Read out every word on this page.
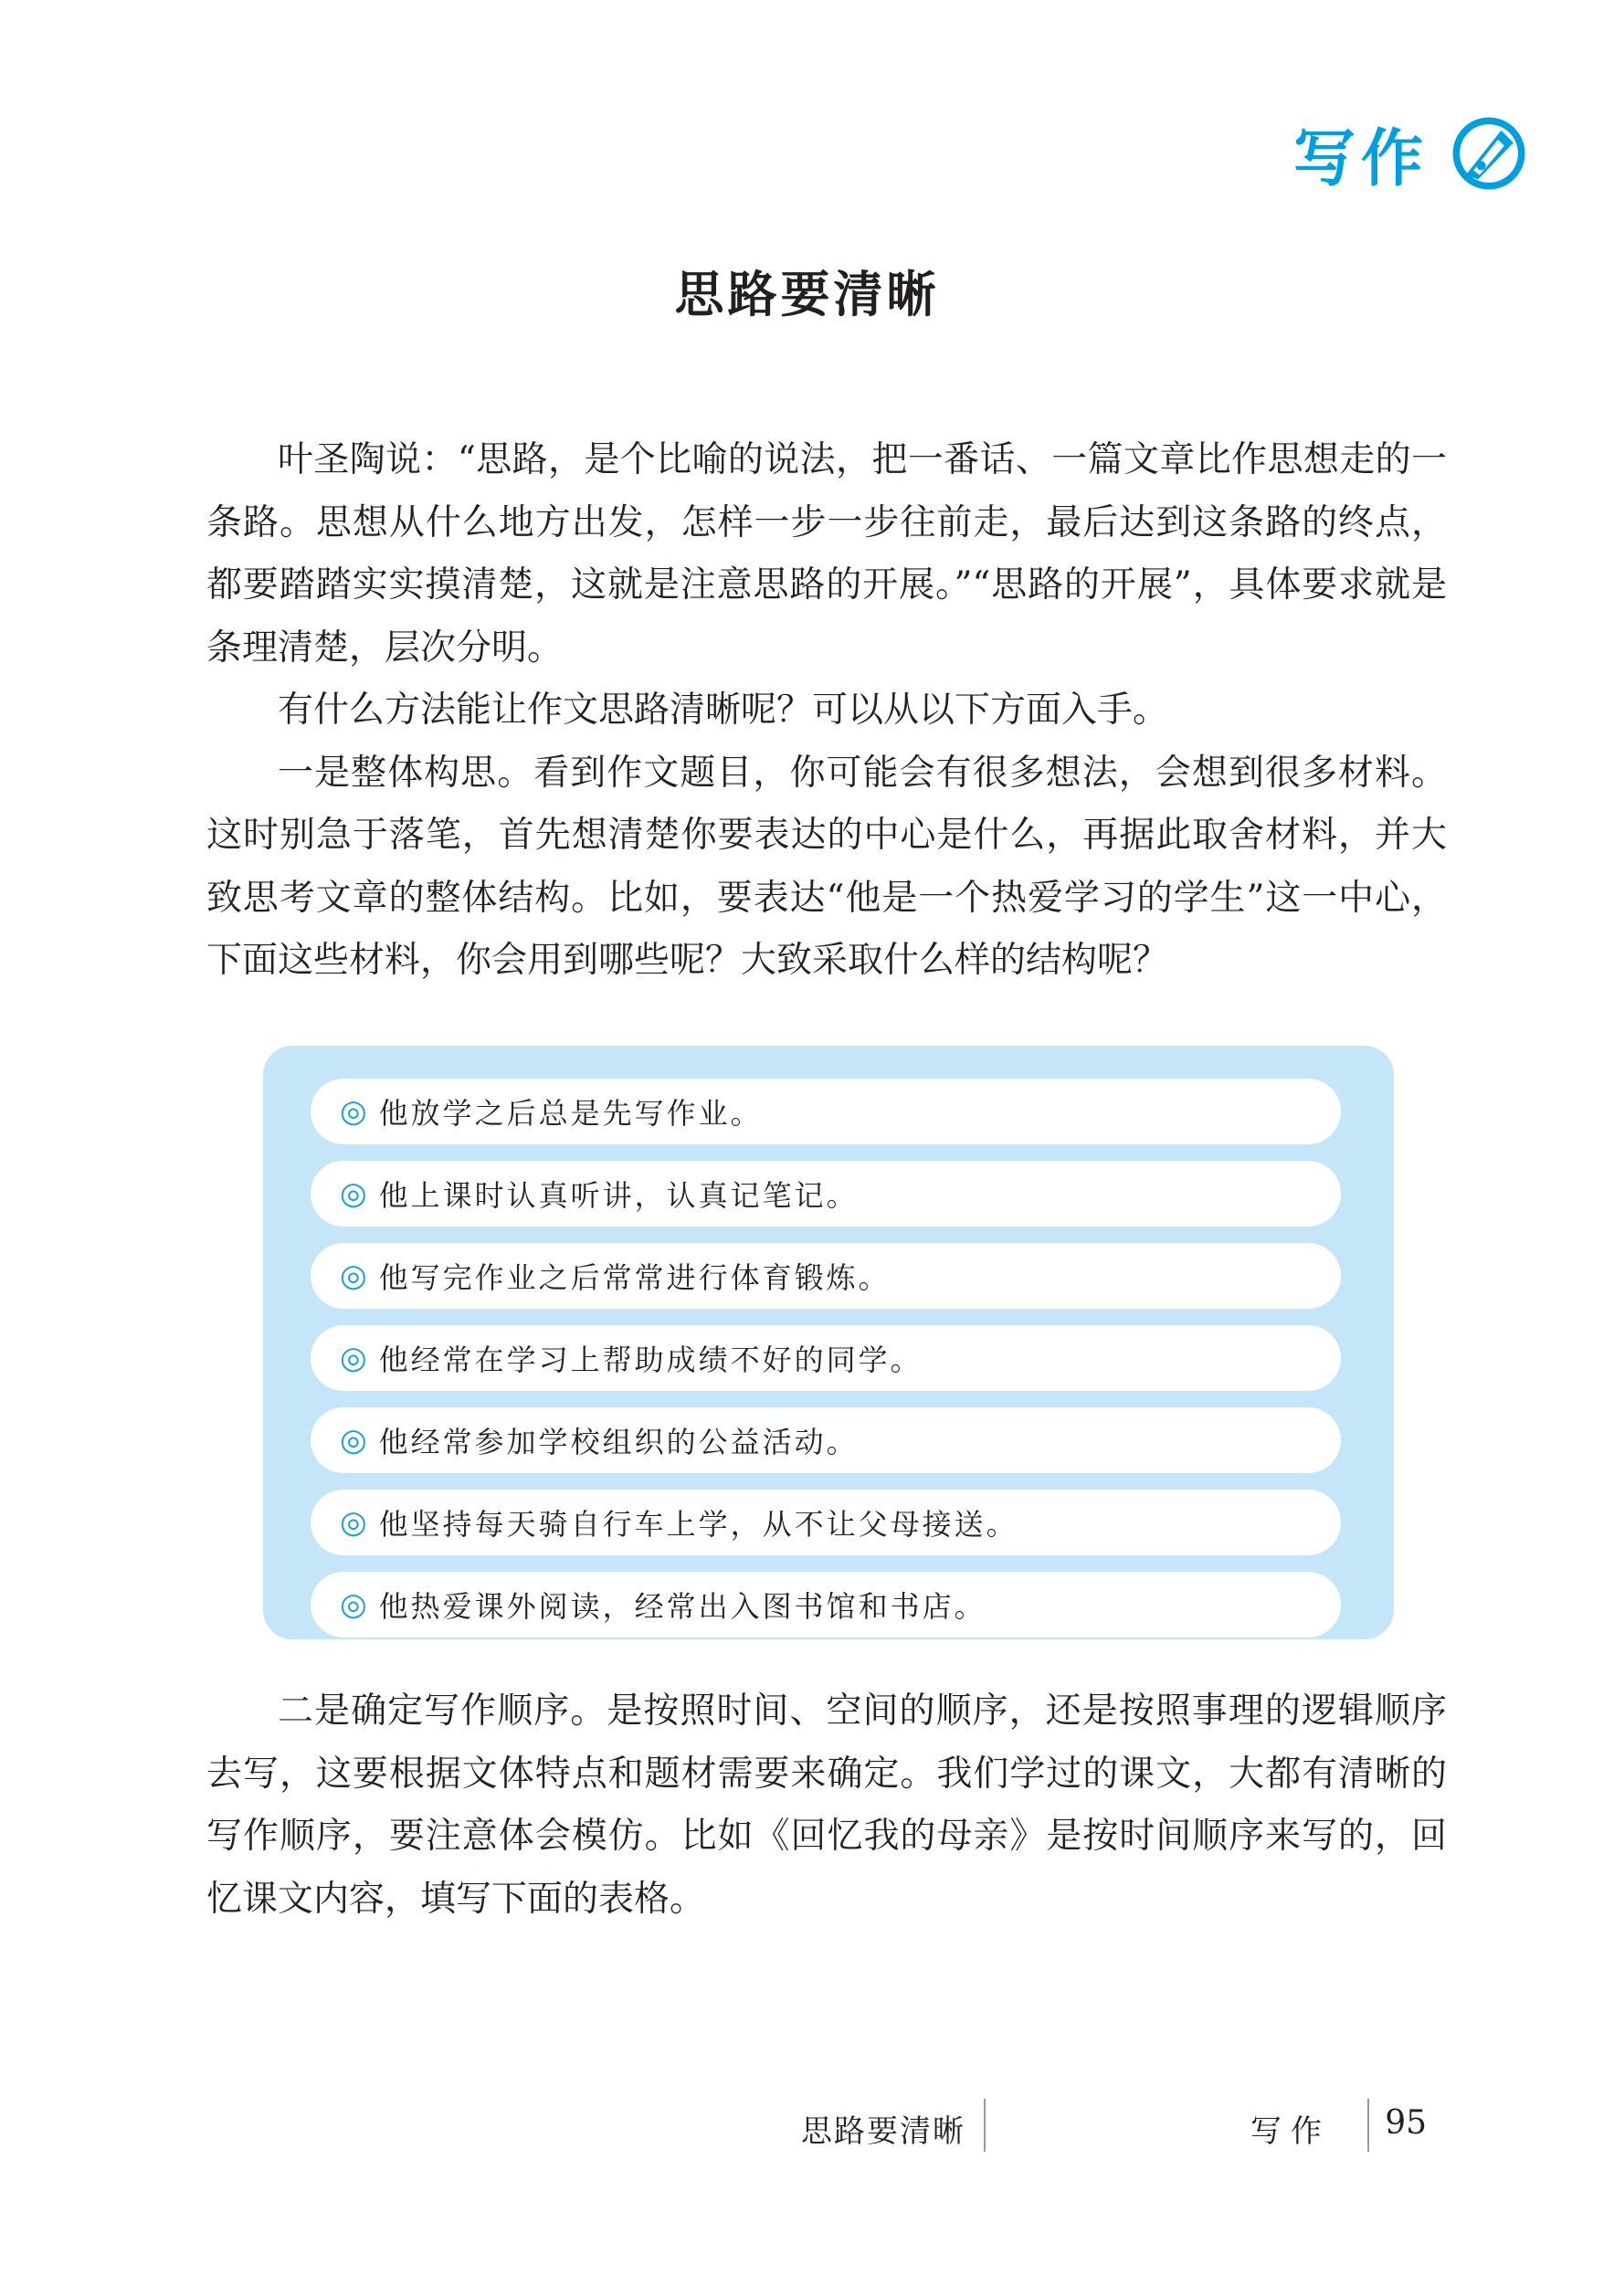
写作
思路要清晰

叶圣陶说：“思路，是个比喻的说法，把一番话、一篇文章比作思想走的一条路。思想从什么地方出发，怎样一步一步往前走，最后达到这条路的终点，都要踏踏实实摸清楚，这就是注意思路的开展。”“思路的开展”，具体要求就是条理清楚，层次分明。

有什么方法能让作文思路清晰呢？可以从以下方面入手。

一是整体构思。看到作文题目，你可能会有很多想法，会想到很多材料。这时别急于落笔，首先想清楚你要表达的中心是什么，再据此取舍材料，并大致思考文章的整体结构。比如，要表达“他是一个热爱学习的学生”这一中心，下面这些材料，你会用到哪些呢？大致采取什么样的结构呢？

◎ 他放学之后总是先写作业。
◎ 他上课时认真听讲，认真记笔记。
◎ 他写完作业之后常常进行体育锻炼。
◎ 他经常在学习上帮助成绩不好的同学。
◎ 他经常参加学校组织的公益活动。
◎ 他坚持每天骑自行车上学，从不让父母接送。
◎ 他热爱课外阅读，经常出入图书馆和书店。

二是确定写作顺序。是按照时间、空间的顺序，还是按照事理的逻辑顺序去写，这要根据文体特点和题材需要来确定。我们学过的课文，大都有清晰的写作顺序，要注意体会模仿。比如《回忆我的母亲》是按时间顺序来写的，回忆课文内容，填写下面的表格。

思路要清晰	写作 95
